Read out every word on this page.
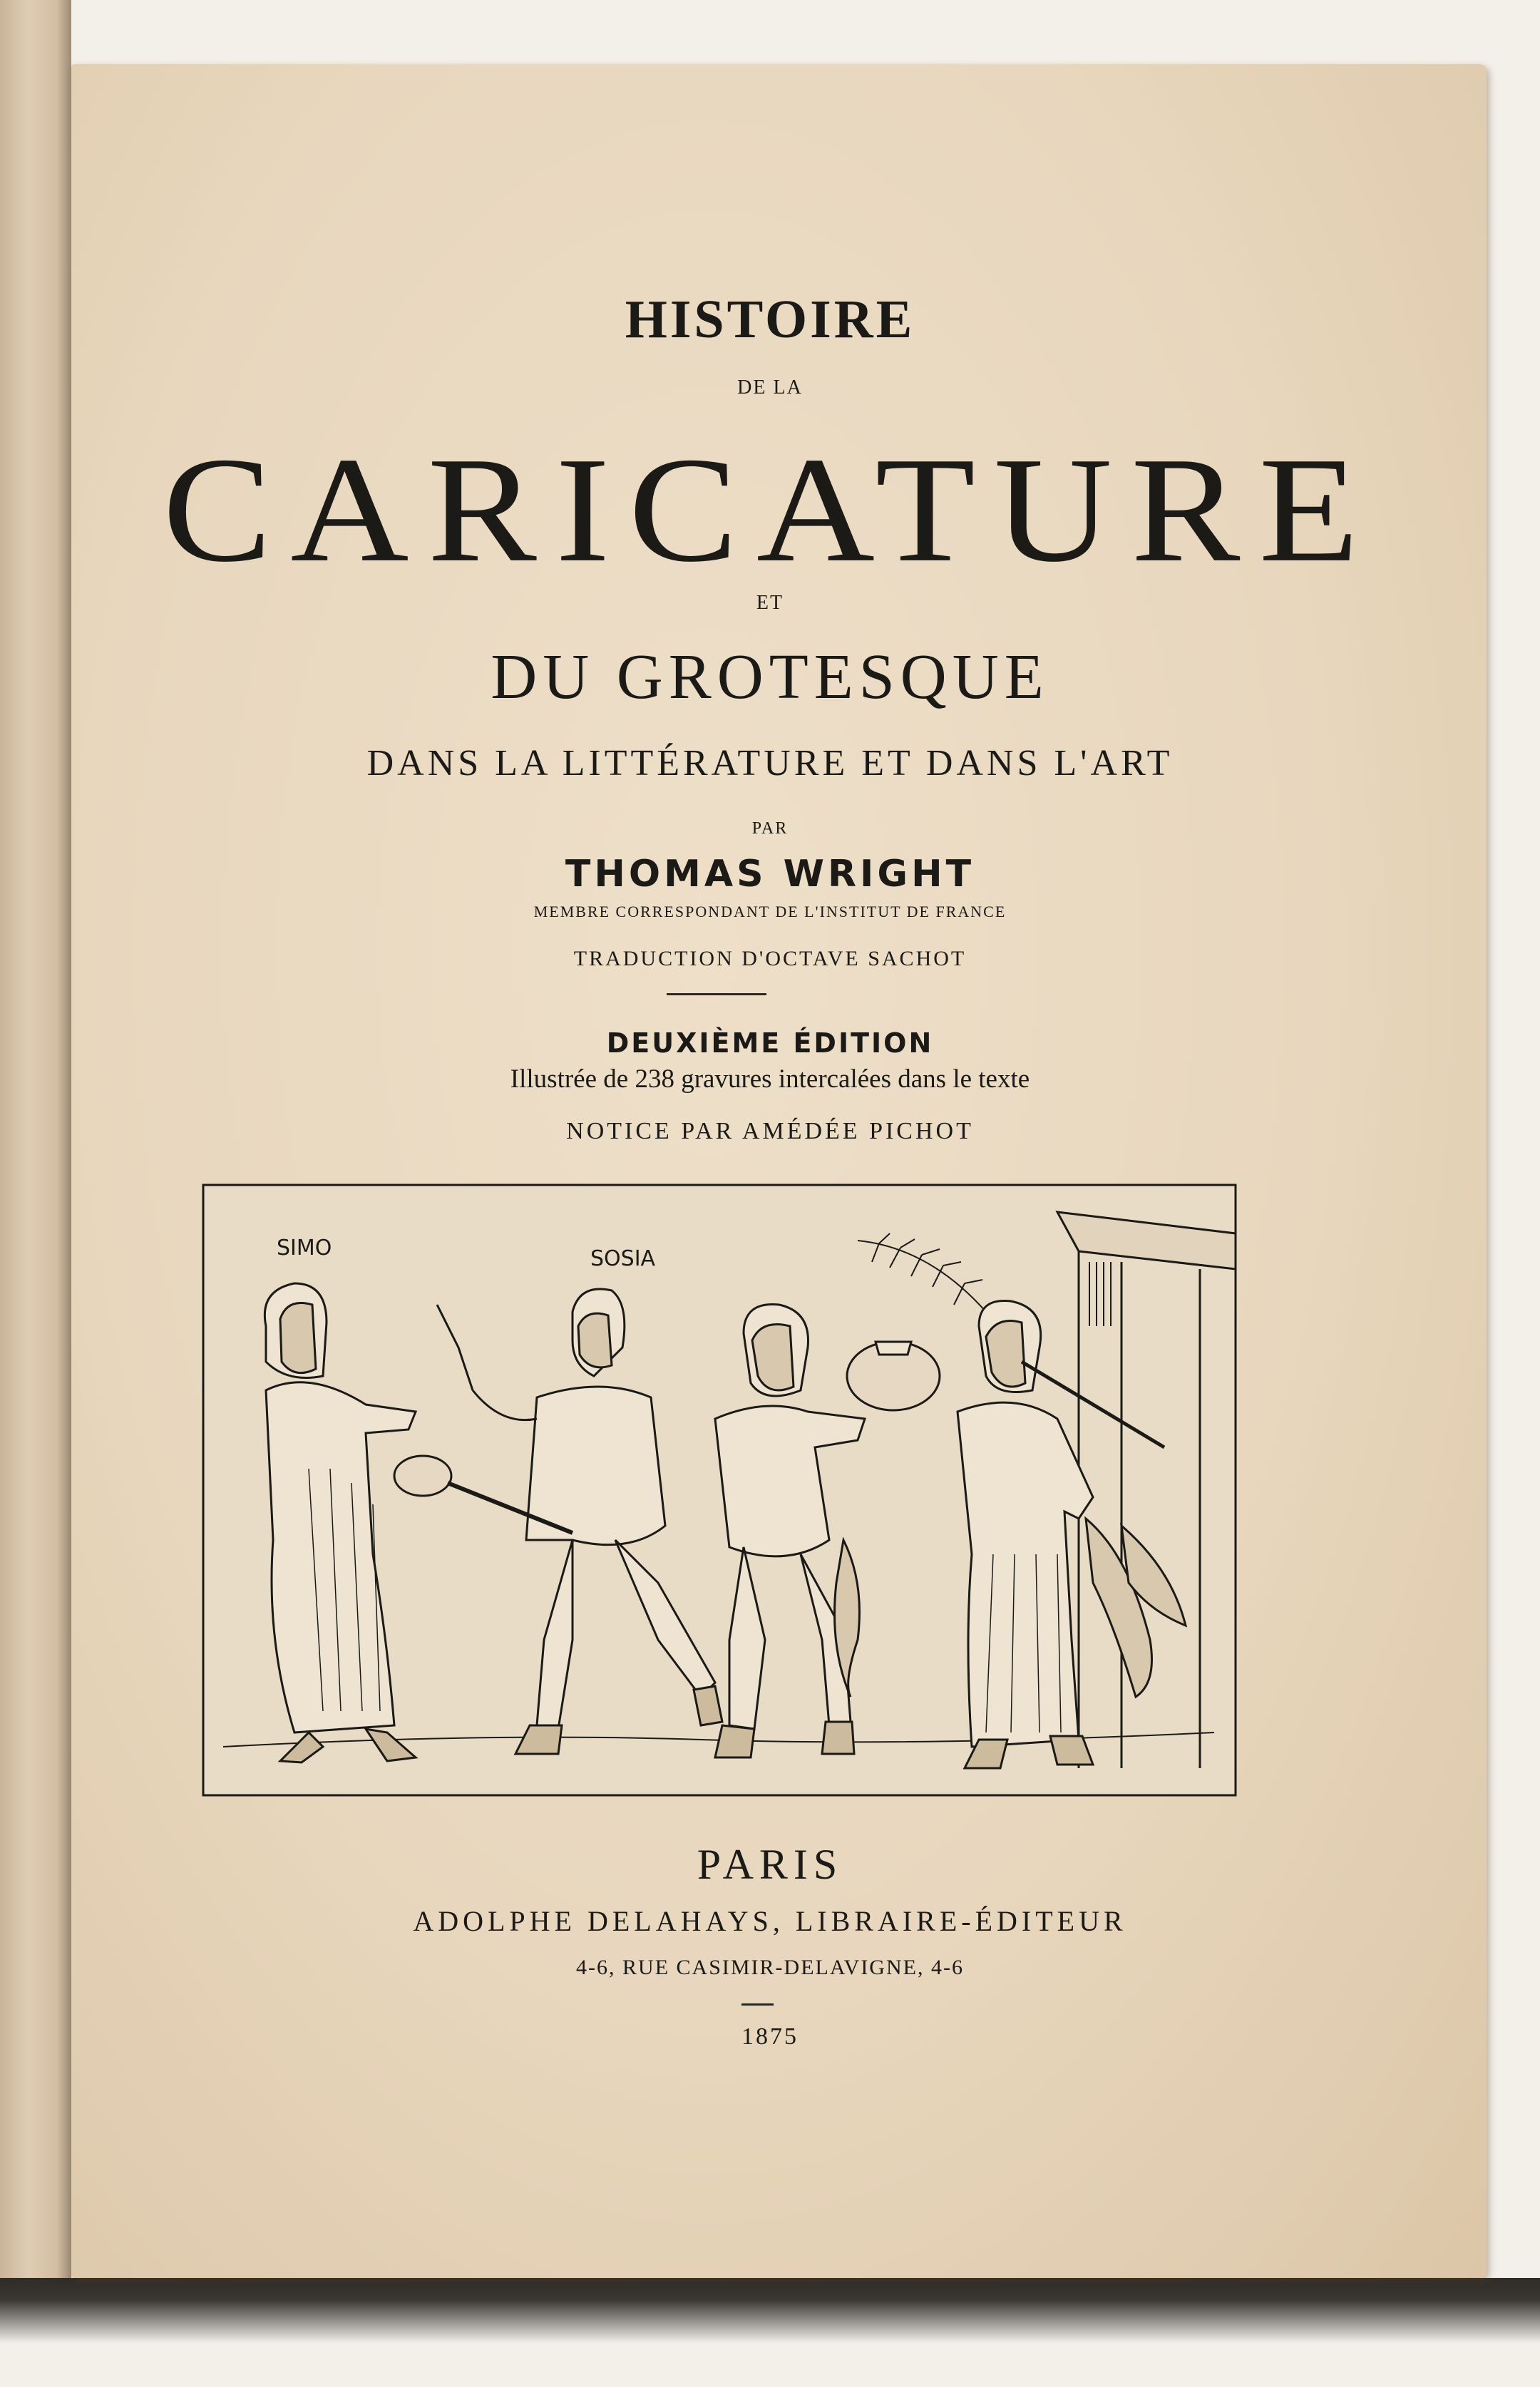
HISTOIRE
DE LA
CARICATURE
ET
DU GROTESQUE
DANS LA LITTÉRATURE ET DANS L'ART
PAR
THOMAS WRIGHT
MEMBRE CORRESPONDANT DE L'INSTITUT DE FRANCE
TRADUCTION D'OCTAVE SACHOT
DEUXIÈME ÉDITION
Illustrée de 238 gravures intercalées dans le texte
NOTICE PAR AMÉDÉE PICHOT
SIMO	SOSIA
PARIS
ADOLPHE DELAHAYS, LIBRAIRE-ÉDITEUR
4-6, RUE CASIMIR-DELAVIGNE, 4-6
1875
